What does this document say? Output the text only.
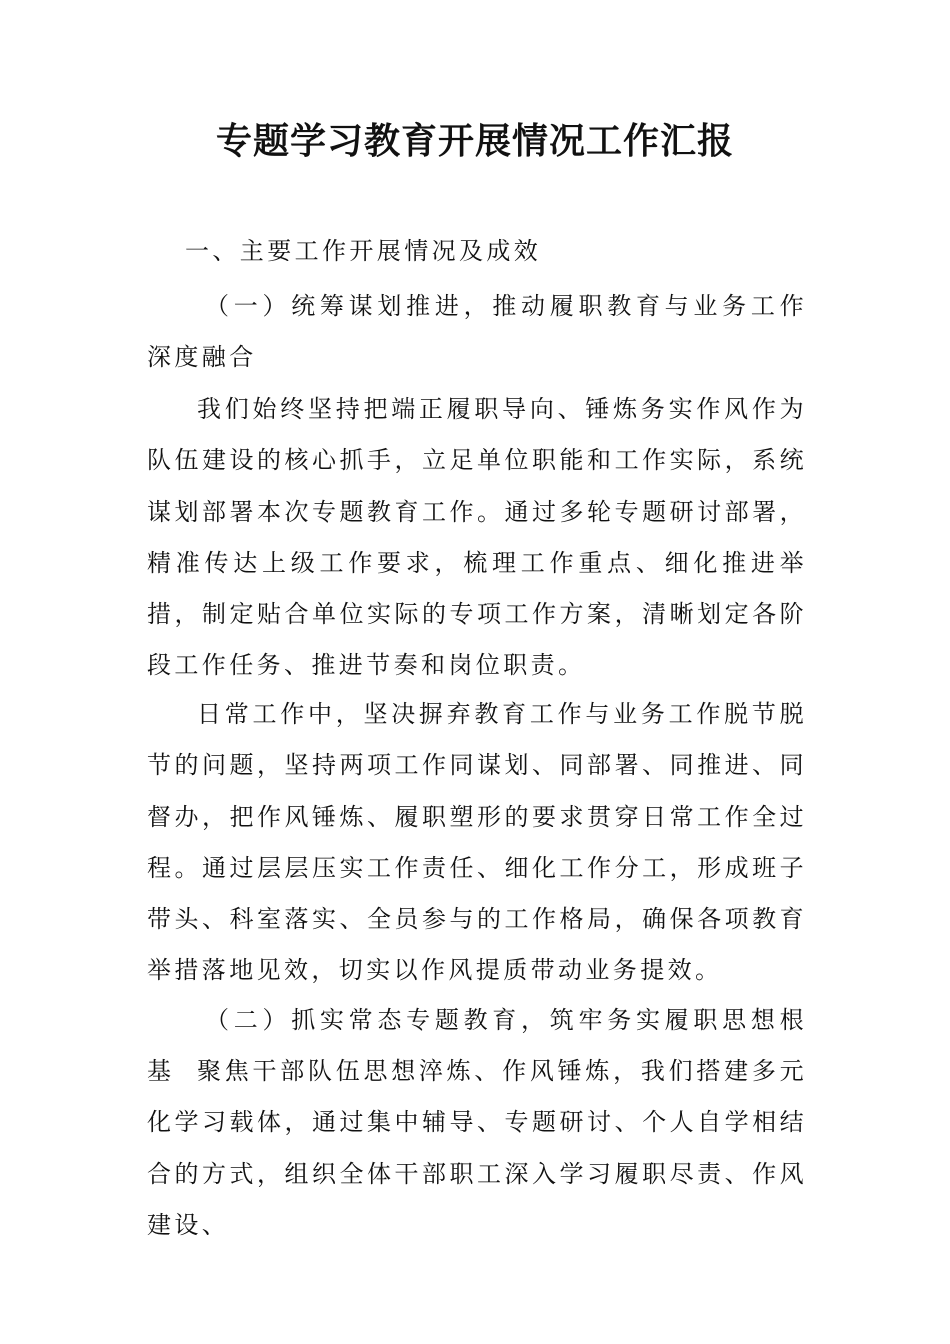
专题学习教育开展情况工作汇报

一、主要工作开展情况及成效

（一）统筹谋划推进，推动履职教育与业务工作深度融合

我们始终坚持把端正履职导向、锤炼务实作风作为队伍建设的核心抓手，立足单位职能和工作实际，系统谋划部署本次专题教育工作。通过多轮专题研讨部署，精准传达上级工作要求，梳理工作重点、细化推进举措，制定贴合单位实际的专项工作方案，清晰划定各阶段工作任务、推进节奏和岗位职责。

日常工作中，坚决摒弃教育工作与业务工作脱节脱节的问题，坚持两项工作同谋划、同部署、同推进、同督办，把作风锤炼、履职塑形的要求贯穿日常工作全过程。通过层层压实工作责任、细化工作分工，形成班子带头、科室落实、全员参与的工作格局，确保各项教育举措落地见效，切实以作风提质带动业务提效。

（二）抓实常态专题教育，筑牢务实履职思想根基 聚焦干部队伍思想淬炼、作风锤炼，我们搭建多元化学习载体，通过集中辅导、专题研讨、个人自学相结合的方式，组织全体干部职工深入学习履职尽责、作风建设、
